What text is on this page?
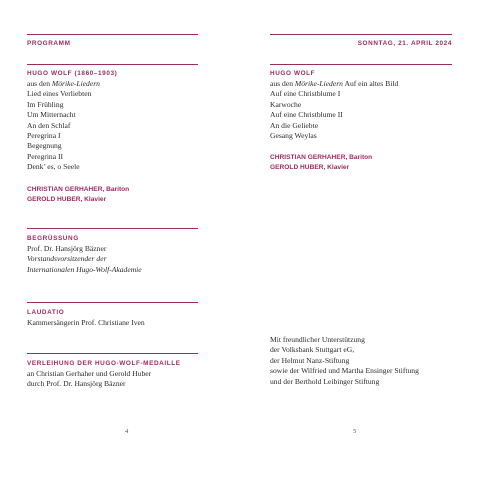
PROGRAMM
HUGO WOLF (1860–1903)
aus den Mörike-Liedern
Lied eines Verliebten
Im Frühling
Um Mitternacht
An den Schlaf
Peregrina I
Begegnung
Peregrina II
Denk’ es, o Seele
CHRISTIAN GERHAHER, Bariton
GEROLD HUBER, Klavier
BEGRÜSSUNG
Prof. Dr. Hansjörg Bäzner
Vorstandsvorsitzender der
Internationalen Hugo-Wolf-Akademie
LAUDATIO
Kammersängerin Prof. Christiane Iven
VERLEIHUNG DER HUGO-WOLF-MEDAILLE
an Christian Gerhaher und Gerold Huber
durch Prof. Dr. Hansjörg Bäzner
4
SONNTAG, 21. APRIL 2024
HUGO WOLF
aus den Mörike-Liedern Auf ein altes Bild
Auf eine Christblume I
Karwoche
Auf eine Christblume II
An die Geliebte
Gesang Weylas
CHRISTIAN GERHAHER, Bariton
GEROLD HUBER, Klavier
Mit freundlicher Unterstützung
der Volksbank Stuttgart eG,
der Helmut Nanz-Stiftung
sowie der Wilfried und Martha Ensinger Stiftung
und der Berthold Leibinger Stiftung
5
